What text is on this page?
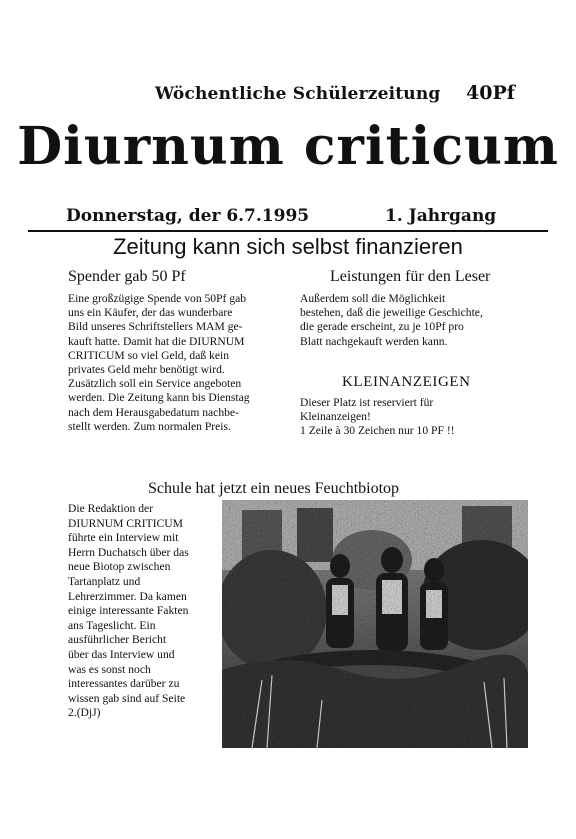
Wöchentliche Schülerzeitung 40Pf
Diurnum criticum
Donnerstag, der 6.7.1995	1. Jahrgang
Zeitung kann sich selbst finanzieren
Spender gab 50 Pf
Eine großzügige Spende von 50Pf gab
uns ein Käufer, der das wunderbare
Bild unseres Schriftstellers MAM ge-
kauft hatte. Damit hat die DIURNUM
CRITICUM so viel Geld, daß kein
privates Geld mehr benötigt wird.
Zusätzlich soll ein Service angeboten
werden. Die Zeitung kann bis Dienstag
nach dem Herausgabedatum nachbe-
stellt werden. Zum normalen Preis.
Leistungen für den Leser
Außerdem soll die Möglichkeit
bestehen, daß die jeweilige Geschichte,
die gerade erscheint, zu je 10Pf pro
Blatt nachgekauft werden kann.
KLEINANZEIGEN
Dieser Platz ist reserviert für
Kleinanzeigen!
1 Zeile à 30 Zeichen nur 10 PF !!
Schule hat jetzt ein neues Feuchtbiotop
Die Redaktion der
DIURNUM CRITICUM
führte ein Interview mit
Herrn Duchatsch über das
neue Biotop zwischen
Tartanplatz und
Lehrerzimmer. Da kamen
einige interessante Fakten
ans Tageslicht. Ein
ausführlicher Bericht
über das Interview und
was es sonst noch
interessantes darüber zu
wissen gab sind auf Seite
2.(DjJ)
